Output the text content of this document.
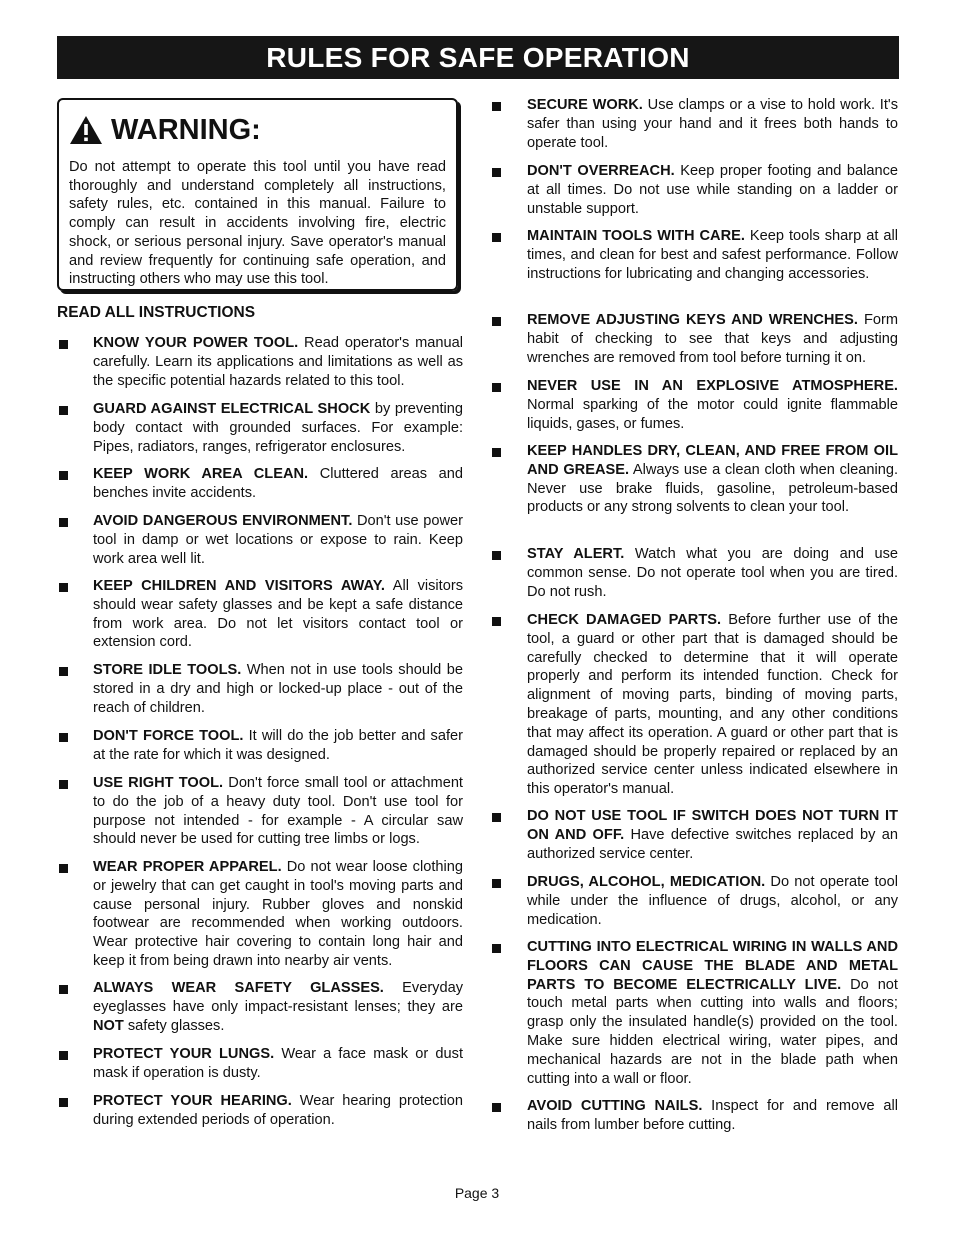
RULES FOR SAFE OPERATION
WARNING:
Do not attempt to operate this tool until you have read thoroughly and understand completely all instructions, safety rules, etc. contained in this manual. Failure to comply can result in accidents involving fire, electric shock, or serious personal injury. Save operator's manual and review frequently for continuing safe operation, and instructing others who may use this tool.
READ ALL INSTRUCTIONS
KNOW YOUR POWER TOOL. Read operator's manual carefully. Learn its applications and limitations as well as the specific potential hazards related to this tool.
GUARD AGAINST ELECTRICAL SHOCK by preventing body contact with grounded surfaces. For example: Pipes, radiators, ranges, refrigerator enclosures.
KEEP WORK AREA CLEAN. Cluttered areas and benches invite accidents.
AVOID DANGEROUS ENVIRONMENT. Don't use power tool in damp or wet locations or expose to rain. Keep work area well lit.
KEEP CHILDREN AND VISITORS AWAY. All visitors should wear safety glasses and be kept a safe distance from work area. Do not let visitors contact tool or extension cord.
STORE IDLE TOOLS. When not in use tools should be stored in a dry and high or locked-up place - out of the reach of children.
DON'T FORCE TOOL. It will do the job better and safer at the rate for which it was designed.
USE RIGHT TOOL. Don't force small tool or attachment to do the job of a heavy duty tool. Don't use tool for purpose not intended - for example - A circular saw should never be used for cutting tree limbs or logs.
WEAR PROPER APPAREL. Do not wear loose clothing or jewelry that can get caught in tool's moving parts and cause personal injury. Rubber gloves and nonskid footwear are recommended when working outdoors. Wear protective hair covering to contain long hair and keep it from being drawn into nearby air vents.
ALWAYS WEAR SAFETY GLASSES. Everyday eyeglasses have only impact-resistant lenses; they are NOT safety glasses.
PROTECT YOUR LUNGS. Wear a face mask or dust mask if operation is dusty.
PROTECT YOUR HEARING. Wear hearing protection during extended periods of operation.
SECURE WORK. Use clamps or a vise to hold work. It's safer than using your hand and it frees both hands to operate tool.
DON'T OVERREACH. Keep proper footing and balance at all times. Do not use while standing on a ladder or unstable support.
MAINTAIN TOOLS WITH CARE. Keep tools sharp at all times, and clean for best and safest performance. Follow instructions for lubricating and changing accessories.
REMOVE ADJUSTING KEYS AND WRENCHES. Form habit of checking to see that keys and adjusting wrenches are removed from tool before turning it on.
NEVER USE IN AN EXPLOSIVE ATMOSPHERE. Normal sparking of the motor could ignite flammable liquids, gases, or fumes.
KEEP HANDLES DRY, CLEAN, AND FREE FROM OIL AND GREASE. Always use a clean cloth when cleaning. Never use brake fluids, gasoline, petroleum-based products or any strong solvents to clean your tool.
STAY ALERT. Watch what you are doing and use common sense. Do not operate tool when you are tired. Do not rush.
CHECK DAMAGED PARTS. Before further use of the tool, a guard or other part that is damaged should be carefully checked to determine that it will operate properly and perform its intended function. Check for alignment of moving parts, binding of moving parts, breakage of parts, mounting, and any other conditions that may affect its operation. A guard or other part that is damaged should be properly repaired or replaced by an authorized service center unless indicated elsewhere in this operator's manual.
DO NOT USE TOOL IF SWITCH DOES NOT TURN IT ON AND OFF. Have defective switches replaced by an authorized service center.
DRUGS, ALCOHOL, MEDICATION. Do not operate tool while under the influence of drugs, alcohol, or any medication.
CUTTING INTO ELECTRICAL WIRING IN WALLS AND FLOORS CAN CAUSE THE BLADE AND METAL PARTS TO BECOME ELECTRICALLY LIVE. Do not touch metal parts when cutting into walls and floors; grasp only the insulated handle(s) provided on the tool. Make sure hidden electrical wiring, water pipes, and mechanical hazards are not in the blade path when cutting into a wall or floor.
AVOID CUTTING NAILS. Inspect for and remove all nails from lumber before cutting.
Page 3
